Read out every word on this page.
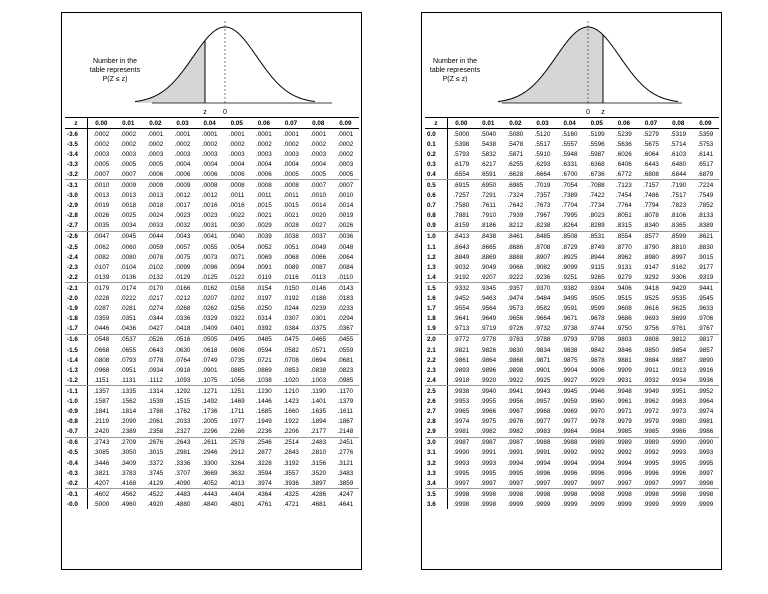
z 0
Number in the
table represents
P(Z ≤ z)
z	0.00	0.01	0.02	0.03	0.04	0.05	0.06	0.07	0.08	0.09
-3.6	.0002	.0002	.0001	.0001	.0001	.0001	.0001	.0001	.0001	.0001
-3.5	.0002	.0002	.0002	.0002	.0002	.0002	.0002	.0002	.0002	.0002
-3.4	.0003	.0003	.0003	.0003	.0003	.0003	.0003	.0003	.0003	.0002
-3.3	.0005	.0005	.0005	.0004	.0004	.0004	.0004	.0004	.0004	.0003
-3.2	.0007	.0007	.0006	.0006	.0006	.0006	.0006	.0005	.0005	.0005
-3.1	.0010	.0009	.0009	.0009	.0008	.0008	.0008	.0008	.0007	.0007
-3.0	.0013	.0013	.0013	.0012	.0012	.0011	.0011	.0011	.0010	.0010
-2.9	.0019	.0018	.0018	.0017	.0016	.0016	.0015	.0015	.0014	.0014
-2.8	.0026	.0025	.0024	.0023	.0023	.0022	.0021	.0021	.0020	.0019
-2.7	.0035	.0034	.0033	.0032	.0031	.0030	.0029	.0028	.0027	.0026
-2.6	.0047	.0045	.0044	.0043	.0041	.0040	.0039	.0038	.0037	.0036
-2.5	.0062	.0060	.0059	.0057	.0055	.0054	.0052	.0051	.0049	.0048
-2.4	.0082	.0080	.0078	.0075	.0073	.0071	.0069	.0068	.0066	.0064
-2.3	.0107	.0104	.0102	.0099	.0096	.0094	.0091	.0089	.0087	.0084
-2.2	.0139	.0136	.0132	.0129	.0125	.0122	.0119	.0116	.0113	.0110
-2.1	.0179	.0174	.0170	.0166	.0162	.0158	.0154	.0150	.0146	.0143
-2.0	.0228	.0222	.0217	.0212	.0207	.0202	.0197	.0192	.0188	.0183
-1.9	.0287	.0281	.0274	.0268	.0262	.0256	.0250	.0244	.0239	.0233
-1.8	.0359	.0351	.0344	.0336	.0329	.0322	.0314	.0307	.0301	.0294
-1.7	.0446	.0436	.0427	.0418	.0409	.0401	.0392	.0384	.0375	.0367
-1.6	.0548	.0537	.0526	.0516	.0505	.0495	.0485	.0475	.0465	.0455
-1.5	.0668	.0655	.0643	.0630	.0618	.0606	.0594	.0582	.0571	.0559
-1.4	.0808	.0793	.0778	.0764	.0749	.0735	.0721	.0708	.0694	.0681
-1.3	.0968	.0951	.0934	.0918	.0901	.0885	.0869	.0853	.0838	.0823
-1.2	.1151	.1131	.1112	.1093	.1075	.1056	.1038	.1020	.1003	.0985
-1.1	.1357	.1335	.1314	.1292	.1271	.1251	.1230	.1210	.1190	.1170
-1.0	.1587	.1562	.1539	.1515	.1492	.1469	.1446	.1423	.1401	.1379
-0.9	.1841	.1814	.1788	.1762	.1736	.1711	.1685	.1660	.1635	.1611
-0.8	.2119	.2090	.2061	.2033	.2005	.1977	.1949	.1922	.1894	.1867
-0.7	.2420	.2389	.2358	.2327	.2296	.2266	.2236	.2206	.2177	.2148
-0.6	.2743	.2709	.2676	.2643	.2611	.2578	.2546	.2514	.2483	.2451
-0.5	.3085	.3050	.3015	.2981	.2946	.2912	.2877	.2843	.2810	.2776
-0.4	.3446	.3409	.3372	.3336	.3300	.3264	.3228	.3192	.3156	.3121
-0.3	.3821	.3783	.3745	.3707	.3669	.3632	.3594	.3557	.3520	.3483
-0.2	.4207	.4168	.4129	.4090	.4052	.4013	.3974	.3936	.3897	.3859
-0.1	.4602	.4562	.4522	.4483	.4443	.4404	.4364	.4325	.4286	.4247
-0.0	.5000	.4960	.4920	.4880	.4840	.4801	.4761	.4721	.4681	.4641
0 z
Number in the
table represents
P(Z ≤ z)
z	0.00	0.01	0.02	0.03	0.04	0.05	0.06	0.07	0.08	0.09
0.0	.5000	.5040	.5080	.5120	.5160	.5199	.5239	.5279	.5319	.5359
0.1	.5398	.5438	.5478	.5517	.5557	.5596	.5636	.5675	.5714	.5753
0.2	.5793	.5832	.5871	.5910	.5948	.5987	.6026	.6064	.6103	.6141
0.3	.6179	.6217	.6255	.6293	.6331	.6368	.6406	.6443	.6480	.6517
0.4	.6554	.6591	.6628	.6664	.6700	.6736	.6772	.6808	.6844	.6879
0.5	.6915	.6950	.6985	.7019	.7054	.7088	.7123	.7157	.7190	.7224
0.6	.7257	.7291	.7324	.7357	.7389	.7422	.7454	.7486	.7517	.7549
0.7	.7580	.7611	.7642	.7673	.7704	.7734	.7764	.7794	.7823	.7852
0.8	.7881	.7910	.7939	.7967	.7995	.8023	.8051	.8078	.8106	.8133
0.9	.8159	.8186	.8212	.8238	.8264	.8289	.8315	.8340	.8365	.8389
1.0	.8413	.8438	.8461	.8485	.8508	.8531	.8554	.8577	.8599	.8621
1.1	.8643	.8665	.8686	.8708	.8729	.8749	.8770	.8790	.8810	.8830
1.2	.8849	.8869	.8888	.8907	.8925	.8944	.8962	.8980	.8997	.9015
1.3	.9032	.9049	.9066	.9082	.9099	.9115	.9131	.9147	.9162	.9177
1.4	.9192	.9207	.9222	.9236	.9251	.9265	.9279	.9292	.9306	.9319
1.5	.9332	.9345	.9357	.9370	.9382	.9394	.9406	.9418	.9429	.9441
1.6	.9452	.9463	.9474	.9484	.9495	.9505	.9515	.9525	.9535	.9545
1.7	.9554	.9564	.9573	.9582	.9591	.9599	.9608	.9616	.9625	.9633
1.8	.9641	.9649	.9656	.9664	.9671	.9678	.9686	.9693	.9699	.9706
1.9	.9713	.9719	.9726	.9732	.9738	.9744	.9750	.9756	.9761	.9767
2.0	.9772	.9778	.9783	.9788	.9793	.9798	.9803	.9808	.9812	.9817
2.1	.9821	.9826	.9830	.9834	.9838	.9842	.9846	.9850	.9854	.9857
2.2	.9861	.9864	.9868	.9871	.9875	.9878	.9881	.9884	.9887	.9890
2.3	.9893	.9896	.9898	.9901	.9904	.9906	.9909	.9911	.9913	.9916
2.4	.9918	.9920	.9922	.9925	.9927	.9929	.9931	.9932	.9934	.9936
2.5	.9938	.9940	.9941	.9943	.9945	.9946	.9948	.9949	.9951	.9952
2.6	.9953	.9955	.9956	.9957	.9959	.9960	.9961	.9962	.9963	.9964
2.7	.9965	.9966	.9967	.9968	.9969	.9970	.9971	.9972	.9973	.9974
2.8	.9974	.9975	.9976	.9977	.9977	.9978	.9979	.9979	.9980	.9981
2.9	.9981	.9982	.9982	.9983	.9984	.9984	.9985	.9985	.9986	.9986
3.0	.9987	.9987	.9987	.9988	.9988	.9989	.9989	.9989	.9990	.9990
3.1	.9990	.9991	.9991	.9991	.9992	.9992	.9992	.9992	.9993	.9993
3.2	.9993	.9993	.9994	.9994	.9994	.9994	.9994	.9995	.9995	.9995
3.3	.9995	.9995	.9995	.9996	.9996	.9996	.9996	.9996	.9996	.9997
3.4	.9997	.9997	.9997	.9997	.9997	.9997	.9997	.9997	.9997	.9998
3.5	.9998	.9998	.9998	.9998	.9998	.9998	.9998	.9998	.9998	.9998
3.6	.9998	.9998	.9999	.9999	.9999	.9999	.9999	.9999	.9999	.9999
